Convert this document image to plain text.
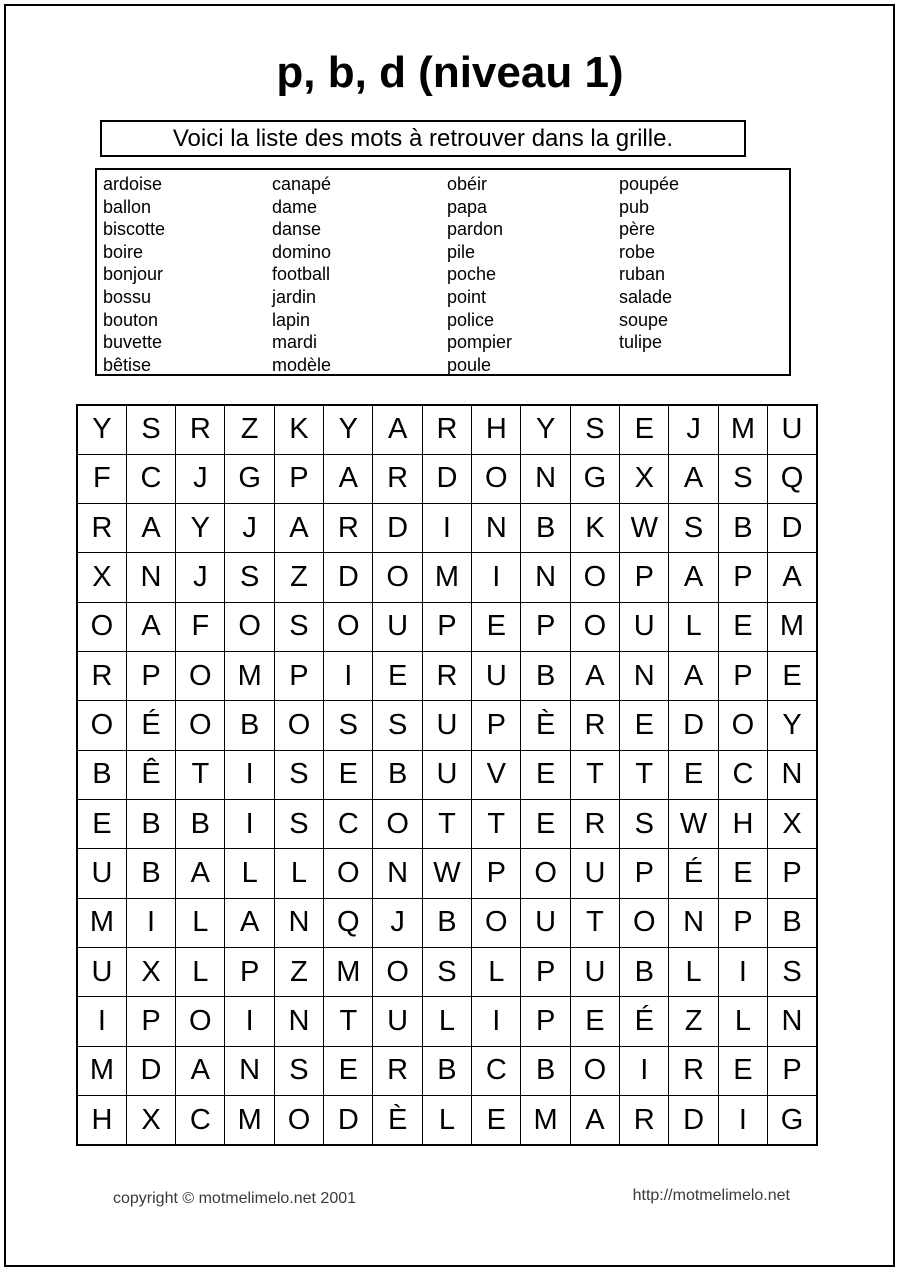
p, b, d (niveau 1)
Voici la liste des mots à retrouver dans la grille.
ardoise
ballon
biscotte
boire
bonjour
bossu
bouton
buvette
bêtise
canapé
dame
danse
domino
football
jardin
lapin
mardi
modèle
obéir
papa
pardon
pile
poche
point
police
pompier
poule
poupée
pub
père
robe
ruban
salade
soupe
tulipe
Y	S	R	Z	K	Y	A	R	H	Y	S	E	J	M	U
F	C	J	G	P	A	R	D	O	N	G	X	A	S	Q
R	A	Y	J	A	R	D	I	N	B	K	W	S	B	D
X	N	J	S	Z	D	O	M	I	N	O	P	A	P	A
O	A	F	O	S	O	U	P	E	P	O	U	L	E	M
R	P	O	M	P	I	E	R	U	B	A	N	A	P	E
O	É	O	B	O	S	S	U	P	È	R	E	D	O	Y
B	Ê	T	I	S	E	B	U	V	E	T	T	E	C	N
E	B	B	I	S	C	O	T	T	E	R	S	W	H	X
U	B	A	L	L	O	N	W	P	O	U	P	É	E	P
M	I	L	A	N	Q	J	B	O	U	T	O	N	P	B
U	X	L	P	Z	M	O	S	L	P	U	B	L	I	S
I	P	O	I	N	T	U	L	I	P	E	É	Z	L	N
M	D	A	N	S	E	R	B	C	B	O	I	R	E	P
H	X	C	M	O	D	È	L	E	M	A	R	D	I	G
copyright © motmelimelo.net 2001	http://motmelimelo.net
